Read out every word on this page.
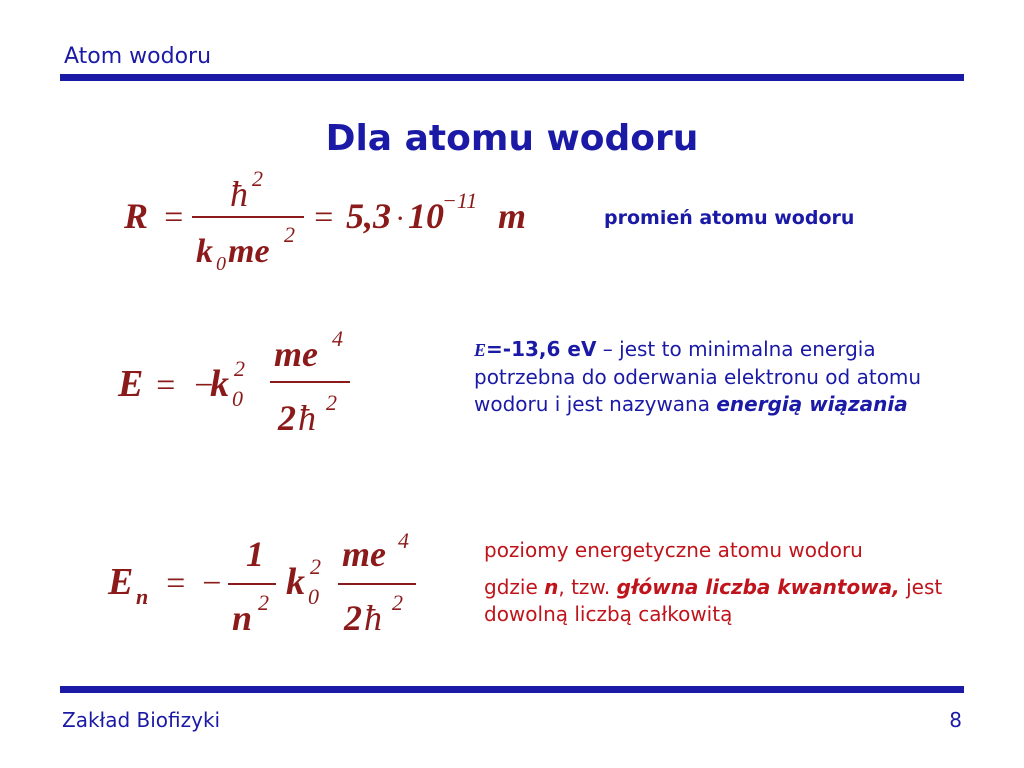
Atom wodoru
Dla atomu wodoru
R =
ħ 2
k 0 me 2 = 5,3 · 10
−11 m	promień atomu wodoru
E = −
k 2
0
me 4
2 ħ 2
E=-13,6 eV – jest to minimalna energia potrzebna do oderwania elektronu od atomu wodoru i jest nazywana energią wiązania
E n = −
1
n 2 k 2
0
me 4
2 ħ 2

poziomy energetyczne atomu wodoru

gdzie n, tzw. główna liczba kwantowa, jest dowolną liczbą całkowitą

Zakład Biofizyki	8
